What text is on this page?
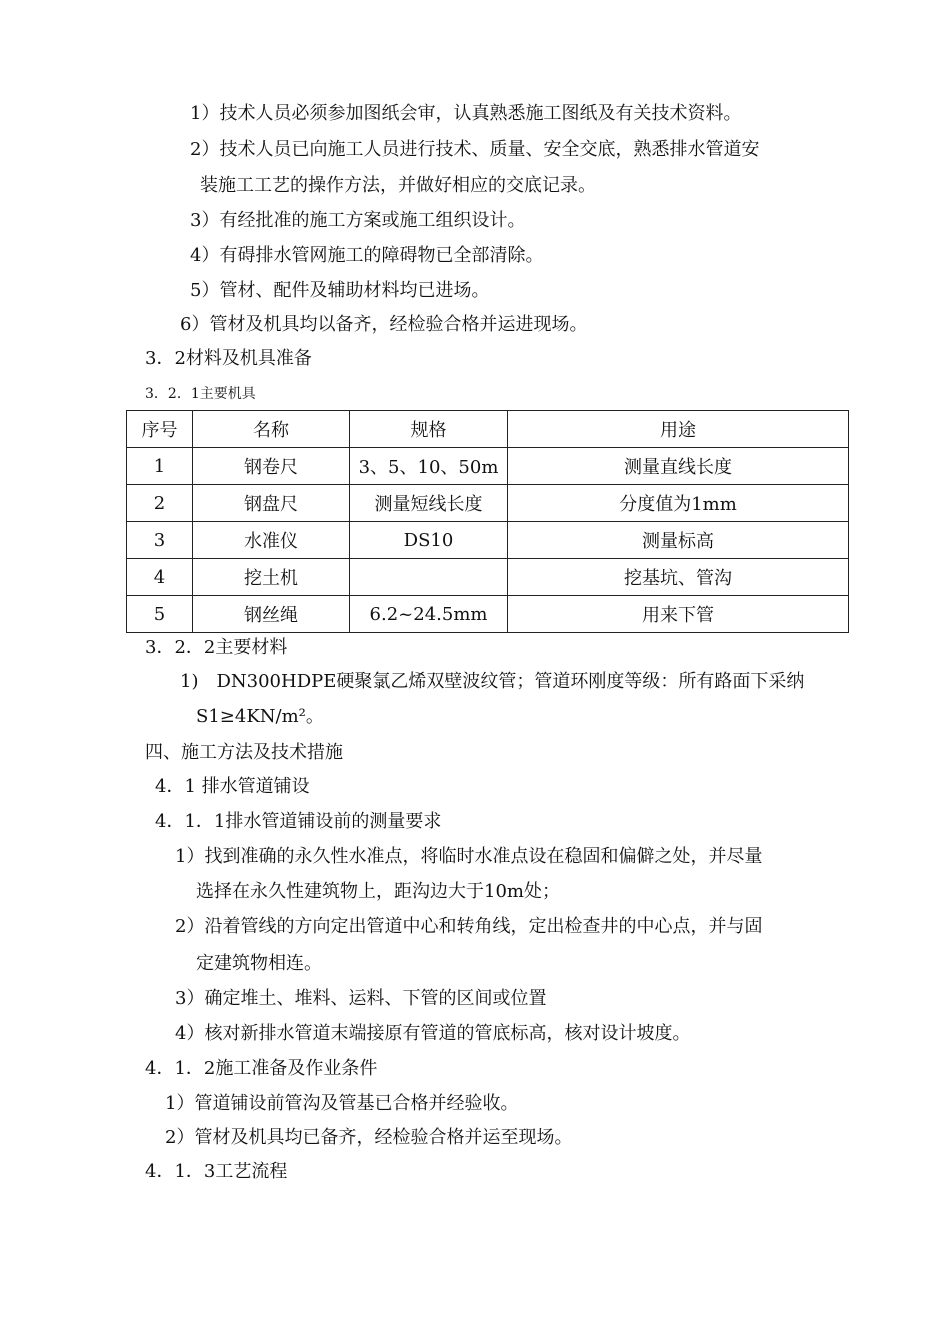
1）技术人员必须参加图纸会审，认真熟悉施工图纸及有关技术资料。
2）技术人员已向施工人员进行技术、质量、安全交底，熟悉排水管道安
装施工工艺的操作方法，并做好相应的交底记录。
3）有经批准的施工方案或施工组织设计。
4）有碍排水管网施工的障碍物已全部清除。
5）管材、配件及辅助材料均已进场。
6）管材及机具均以备齐，经检验合格并运进现场。
3．2材料及机具准备
3．2．1主要机具
序号	名称	规格	用途
1	钢卷尺	3、5、10、50m	测量直线长度
2	钢盘尺	测量短线长度	分度值为1mm
3	水准仪	DS10	测量标高
4	挖土机		挖基坑、管沟
5	钢丝绳	6.2~24.5mm	用来下管
3．2．2主要材料
1)　DN300HDPE硬聚氯乙烯双壁波纹管；管道环刚度等级：所有路面下采纳
S1≥4KN/m²。
四、施工方法及技术措施
4．1 排水管道铺设
4．1．1排水管道铺设前的测量要求
1）找到准确的永久性水准点，将临时水准点设在稳固和偏僻之处，并尽量
选择在永久性建筑物上，距沟边大于10m处；
2）沿着管线的方向定出管道中心和转角线，定出检查井的中心点，并与固
定建筑物相连。
3）确定堆土、堆料、运料、下管的区间或位置
4）核对新排水管道末端接原有管道的管底标高，核对设计坡度。
4．1．2施工准备及作业条件
1）管道铺设前管沟及管基已合格并经验收。
2）管材及机具均已备齐，经检验合格并运至现场。
4．1．3工艺流程
